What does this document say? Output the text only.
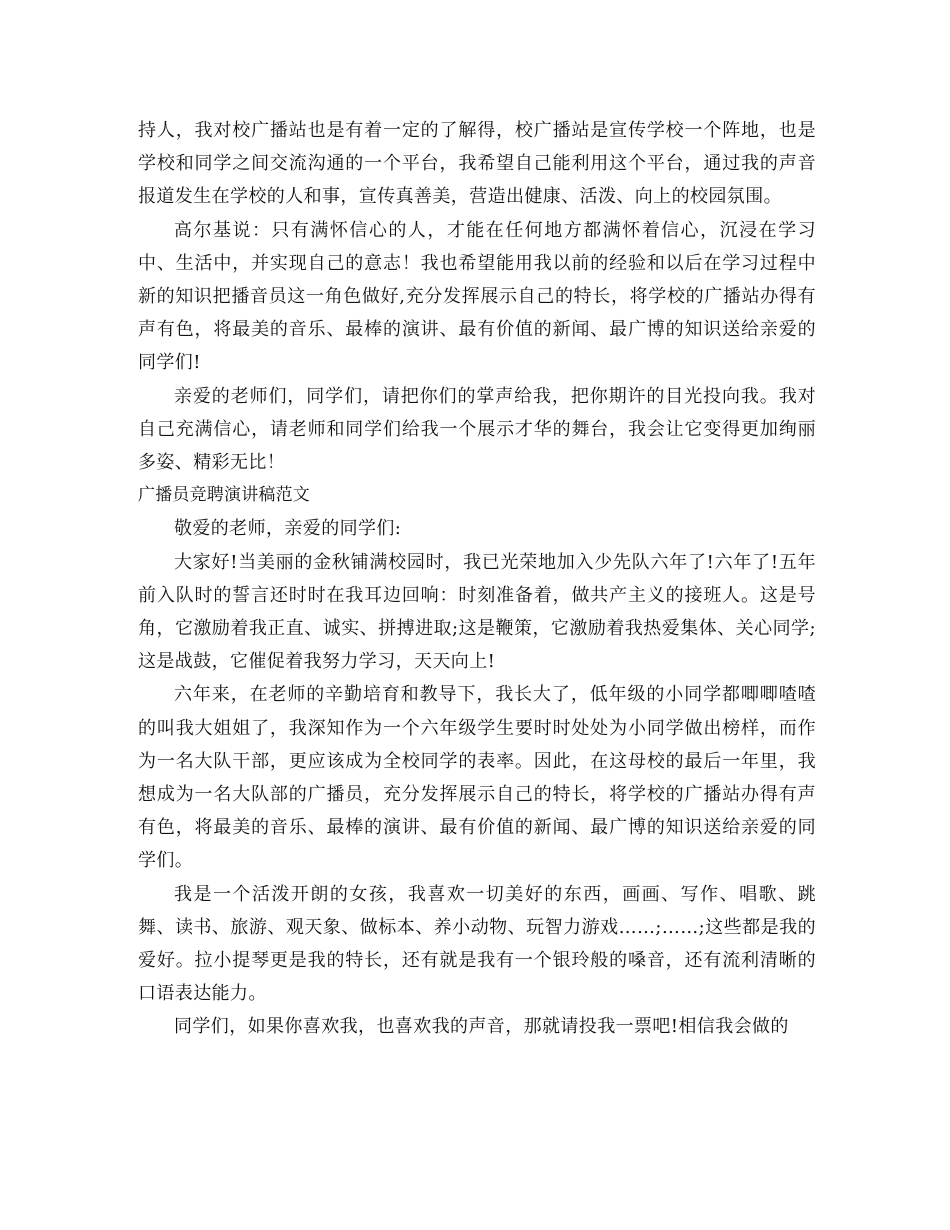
持人，我对校广播站也是有着一定的了解得，校广播站是宣传学校一个阵地，也是学校和同学之间交流沟通的一个平台，我希望自己能利用这个平台，通过我的声音报道发生在学校的人和事，宣传真善美，营造出健康、活泼、向上的校园氛围。

高尔基说：只有满怀信心的人，才能在任何地方都满怀着信心，沉浸在学习中、生活中，并实现自己的意志！我也希望能用我以前的经验和以后在学习过程中新的知识把播音员这一角色做好,充分发挥展示自己的特长，将学校的广播站办得有声有色，将最美的音乐、最棒的演讲、最有价值的新闻、最广博的知识送给亲爱的同学们!

亲爱的老师们，同学们，请把你们的掌声给我，把你期许的目光投向我。我对自己充满信心，请老师和同学们给我一个展示才华的舞台，我会让它变得更加绚丽多姿、精彩无比！

广播员竞聘演讲稿范文

敬爱的老师，亲爱的同学们:

大家好!当美丽的金秋铺满校园时，我已光荣地加入少先队六年了!六年了!五年前入队时的誓言还时时在我耳边回响：时刻准备着，做共产主义的接班人。这是号角，它激励着我正直、诚实、拼搏进取;这是鞭策，它激励着我热爱集体、关心同学;这是战鼓，它催促着我努力学习，天天向上!

六年来，在老师的辛勤培育和教导下，我长大了，低年级的小同学都唧唧喳喳的叫我大姐姐了，我深知作为一个六年级学生要时时处处为小同学做出榜样，而作为一名大队干部，更应该成为全校同学的表率。因此，在这母校的最后一年里，我想成为一名大队部的广播员，充分发挥展示自己的特长，将学校的广播站办得有声有色，将最美的音乐、最棒的演讲、最有价值的新闻、最广博的知识送给亲爱的同学们。

我是一个活泼开朗的女孩，我喜欢一切美好的东西，画画、写作、唱歌、跳舞、读书、旅游、观天象、做标本、养小动物、玩智力游戏……;……;这些都是我的爱好。拉小提琴更是我的特长，还有就是我有一个银玲般的嗓音，还有流利清晰的口语表达能力。

同学们，如果你喜欢我，也喜欢我的声音，那就请投我一票吧!相信我会做的
